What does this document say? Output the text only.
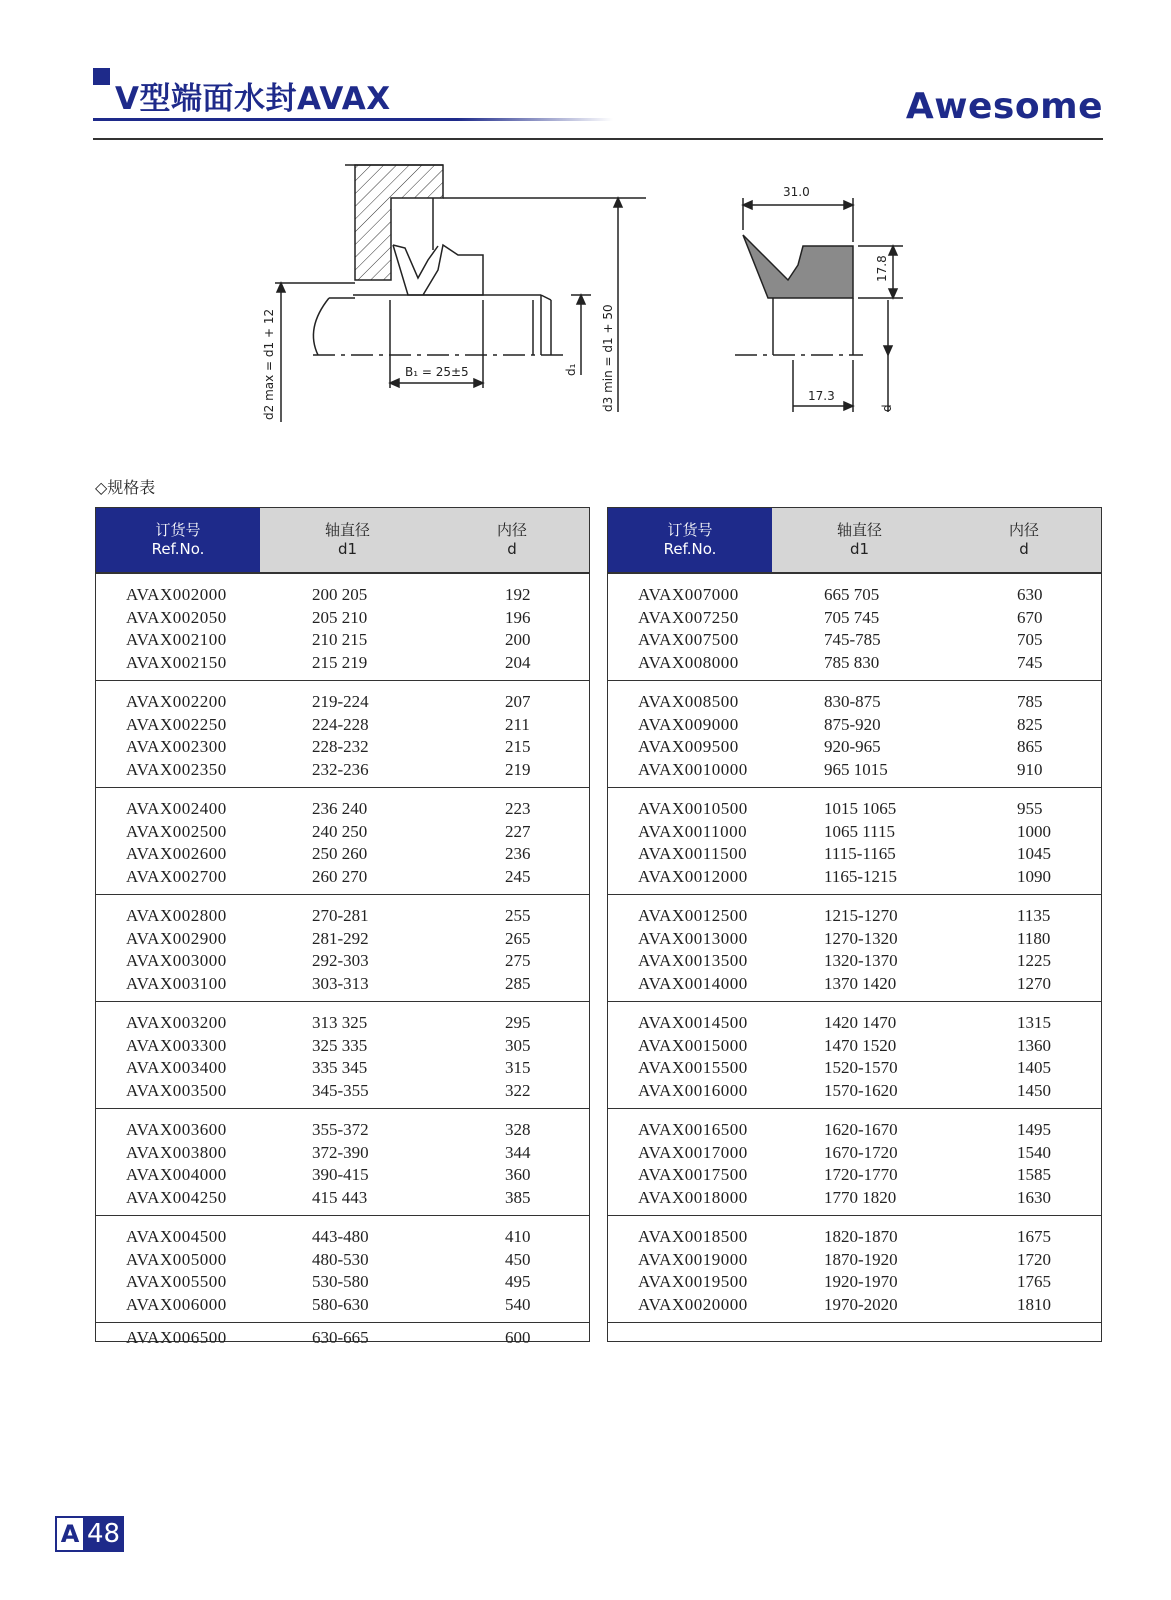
V型端面水封AVAX	Awesome
B₁ = 25±5
d2 max = d1 + 12	d₁ d3 min = d1 + 50
31.0
17.8
17.3
d
◇规格表
订货号
Ref.No.
轴直径
d1
内径
d
AVAX002000	200 205	192
AVAX002050	205 210	196
AVAX002100	210 215	200
AVAX002150	215 219	204
AVAX002200	219-224	207
AVAX002250	224-228	211
AVAX002300	228-232	215
AVAX002350	232-236	219
AVAX002400	236 240	223
AVAX002500	240 250	227
AVAX002600	250 260	236
AVAX002700	260 270	245
AVAX002800	270-281	255
AVAX002900	281-292	265
AVAX003000	292-303	275
AVAX003100	303-313	285
AVAX003200	313 325	295
AVAX003300	325 335	305
AVAX003400	335 345	315
AVAX003500	345-355	322
AVAX003600	355-372	328
AVAX003800	372-390	344
AVAX004000	390-415	360
AVAX004250	415 443	385
AVAX004500	443-480	410
AVAX005000	480-530	450
AVAX005500	530-580	495
AVAX006000	580-630	540
AVAX006500	630-665	600
订货号
Ref.No.
轴直径
d1
内径
d
AVAX007000	665 705	630
AVAX007250	705 745	670
AVAX007500	745-785	705
AVAX008000	785 830	745
AVAX008500	830-875	785
AVAX009000	875-920	825
AVAX009500	920-965	865
AVAX0010000	965 1015	910
AVAX0010500	1015 1065	955
AVAX0011000	1065 1115	1000
AVAX0011500	1115-1165	1045
AVAX0012000	1165-1215	1090
AVAX0012500	1215-1270	1135
AVAX0013000	1270-1320	1180
AVAX0013500	1320-1370	1225
AVAX0014000	1370 1420	1270
AVAX0014500	1420 1470	1315
AVAX0015000	1470 1520	1360
AVAX0015500	1520-1570	1405
AVAX0016000	1570-1620	1450
AVAX0016500	1620-1670	1495
AVAX0017000	1670-1720	1540
AVAX0017500	1720-1770	1585
AVAX0018000	1770 1820	1630
AVAX0018500	1820-1870	1675
AVAX0019000	1870-1920	1720
AVAX0019500	1920-1970	1765
AVAX0020000	1970-2020	1810
A 48
